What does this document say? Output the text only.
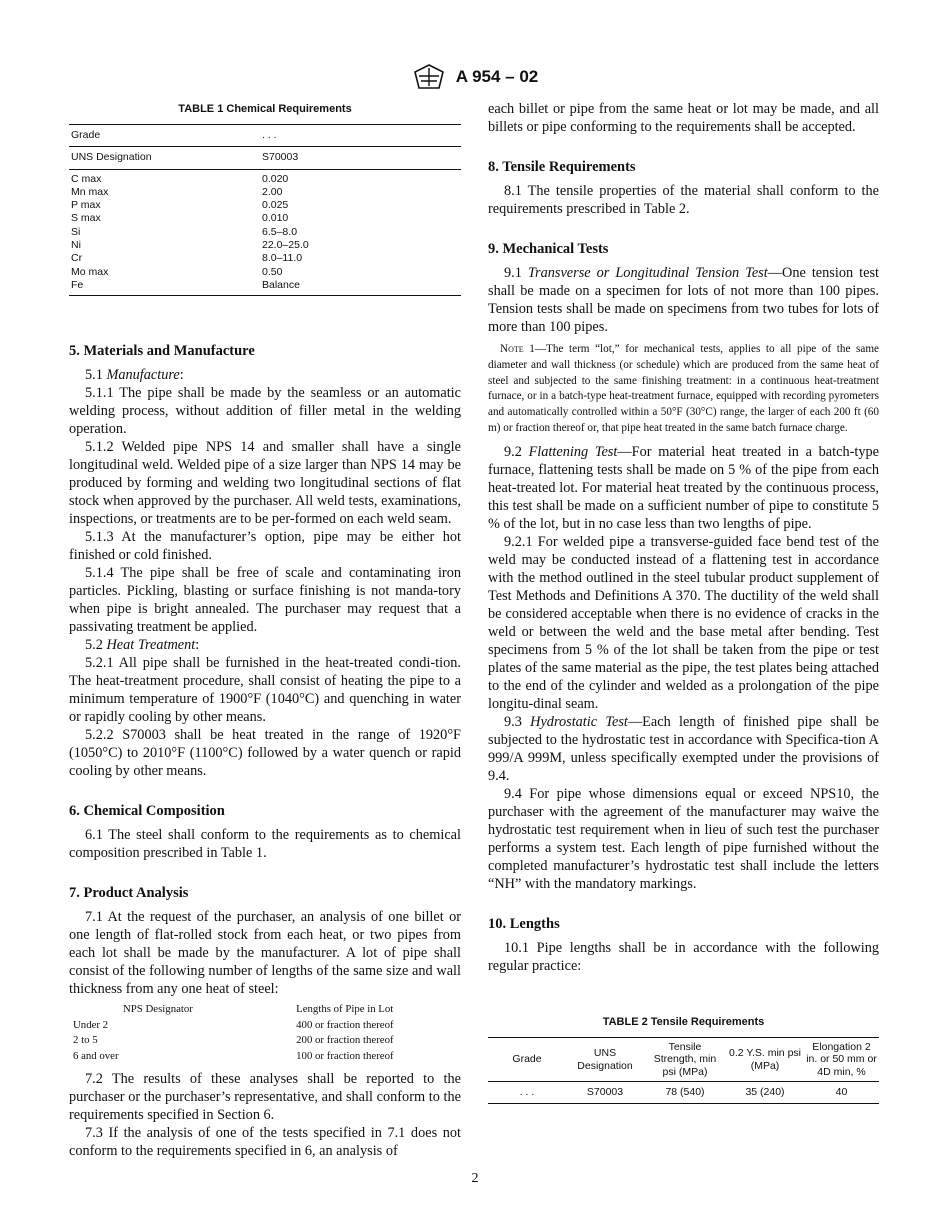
A 954 – 02
TABLE 1 Chemical Requirements
Grade	. . .
UNS Designation	S70003
C max	0.020
Mn max	2.00
P max	0.025
S max	0.010
Si	6.5–8.0
Ni	22.0–25.0
Cr	8.0–11.0
Mo max	0.50
Fe	Balance

5. Materials and Manufacture

5.1 Manufacture:

5.1.1 The pipe shall be made by the seamless or an automatic welding process, without addition of filler metal in the welding operation.

5.1.2 Welded pipe NPS 14 and smaller shall have a single longitudinal weld. Welded pipe of a size larger than NPS 14 may be produced by forming and welding two longitudinal sections of flat stock when approved by the purchaser. All weld tests, examinations, inspections, or treatments are to be per-formed on each weld seam.

5.1.3 At the manufacturer’s option, pipe may be either hot finished or cold finished.

5.1.4 The pipe shall be free of scale and contaminating iron particles. Pickling, blasting or surface finishing is not manda-tory when pipe is bright annealed. The purchaser may request that a passivating treatment be applied.

5.2 Heat Treatment:

5.2.1 All pipe shall be furnished in the heat-treated condi-tion. The heat-treatment procedure, shall consist of heating the pipe to a minimum temperature of 1900°F (1040°C) and quenching in water or rapidly cooling by other means.

5.2.2 S70003 shall be heat treated in the range of 1920°F (1050°C) to 2010°F (1100°C) followed by a water quench or rapid cooling by other means.

6. Chemical Composition

6.1 The steel shall conform to the requirements as to chemical composition prescribed in Table 1.

7. Product Analysis

7.1 At the request of the purchaser, an analysis of one billet or one length of flat-rolled stock from each heat, or two pipes from each lot shall be made by the manufacturer. A lot of pipe shall consist of the following number of lengths of the same size and wall thickness from any one heat of steel:

NPS Designator	Lengths of Pipe in Lot
Under 2	400 or fraction thereof
2 to 5	200 or fraction thereof
6 and over	100 or fraction thereof

7.2 The results of these analyses shall be reported to the purchaser or the purchaser’s representative, and shall conform to the requirements specified in Section 6.

7.3 If the analysis of one of the tests specified in 7.1 does not conform to the requirements specified in 6, an analysis of

each billet or pipe from the same heat or lot may be made, and all billets or pipe conforming to the requirements shall be accepted.

8. Tensile Requirements

8.1 The tensile properties of the material shall conform to the requirements prescribed in Table 2.

9. Mechanical Tests

9.1 Transverse or Longitudinal Tension Test—One tension test shall be made on a specimen for lots of not more than 100 pipes. Tension tests shall be made on specimens from two tubes for lots of more than 100 pipes.

Note 1—The term “lot,” for mechanical tests, applies to all pipe of the same diameter and wall thickness (or schedule) which are produced from the same heat of steel and subjected to the same finishing treatment: in a continuous heat-treatment furnace, or in a batch-type heat-treatment furnace, equipped with recording pyrometers and automatically controlled within a 50°F (30°C) range, the larger of each 200 ft (60 m) or fraction thereof or, that pipe heat treated in the same batch furnace charge.

9.2 Flattening Test—For material heat treated in a batch-type furnace, flattening tests shall be made on 5 % of the pipe from each heat-treated lot. For material heat treated by the continuous process, this test shall be made on a sufficient number of pipe to constitute 5 % of the lot, but in no case less than two lengths of pipe.

9.2.1 For welded pipe a transverse-guided face bend test of the weld may be conducted instead of a flattening test in accordance with the method outlined in the steel tubular product supplement of Test Methods and Definitions A 370. The ductility of the weld shall be considered acceptable when there is no evidence of cracks in the weld or between the weld and the base metal after bending. Test specimens from 5 % of the lot shall be taken from the pipe or test plates of the same material as the pipe, the test plates being attached to the end of the cylinder and welded as a prolongation of the pipe longitu-dinal seam.

9.3 Hydrostatic Test—Each length of finished pipe shall be subjected to the hydrostatic test in accordance with Specifica-tion A 999/A 999M, unless specifically exempted under the provisions of 9.4.

9.4 For pipe whose dimensions equal or exceed NPS10, the purchaser with the agreement of the manufacturer may waive the hydrostatic test requirement when in lieu of such test the purchaser performs a system test. Each length of pipe furnished without the completed manufacturer’s hydrostatic test shall include the letters “NH” with the mandatory markings.

10. Lengths

10.1 Pipe lengths shall be in accordance with the following regular practice:

TABLE 2 Tensile Requirements
Grade	UNS Designation	Tensile Strength, min psi (MPa)	0.2 Y.S. min psi (MPa)	Elongation 2 in. or 50 mm or 4D min, %
. . .	S70003	78 (540)	35 (240)	40

2
